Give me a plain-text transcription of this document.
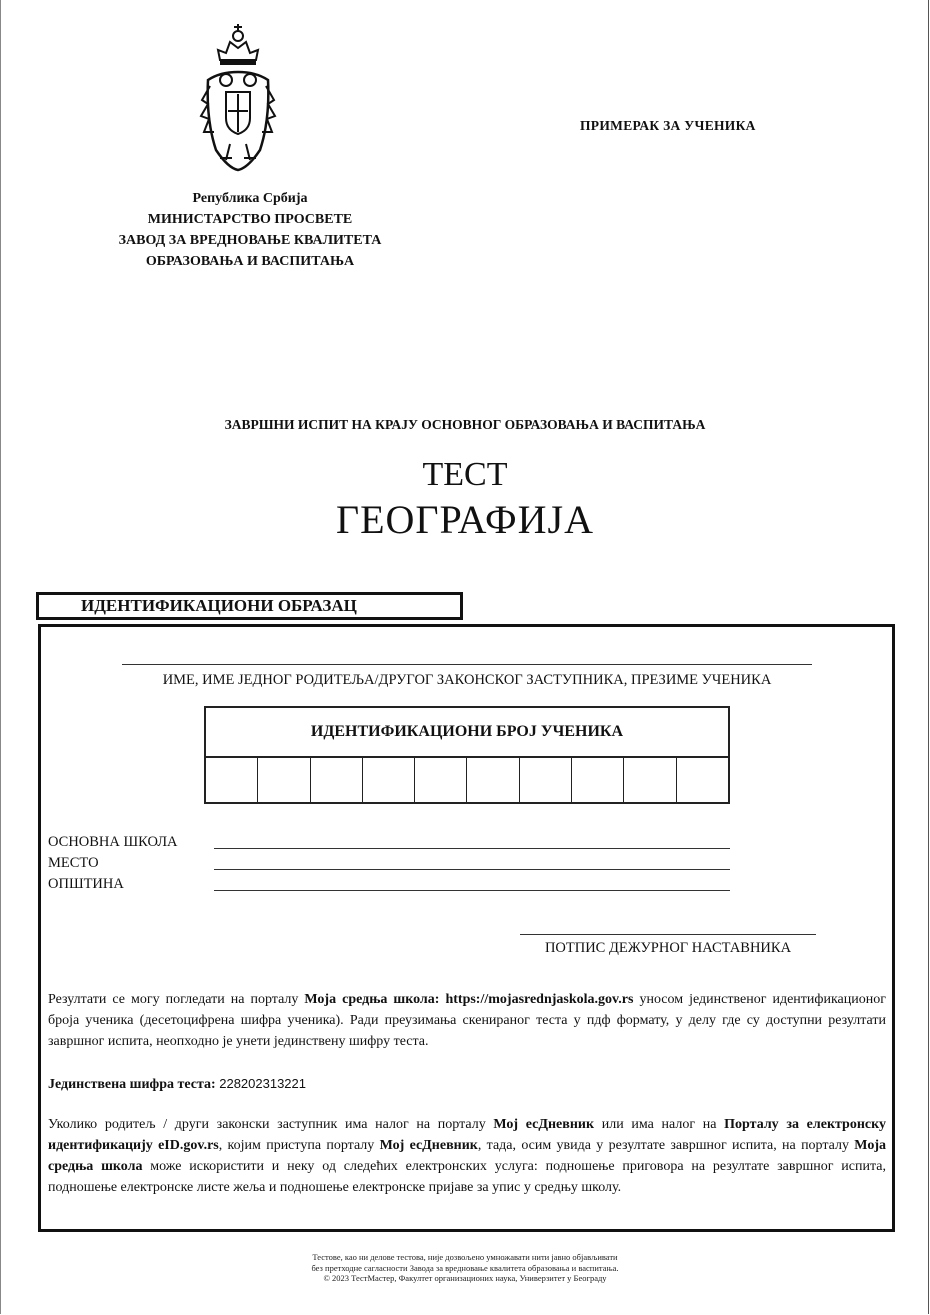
Република Србија
МИНИСТАРСТВО ПРОСВЕТЕ
ЗАВОД ЗА ВРЕДНОВАЊЕ КВАЛИТЕТА
ОБРАЗОВАЊА И ВАСПИТАЊА
ПРИМЕРАК ЗА УЧЕНИКА
ЗАВРШНИ ИСПИТ НА КРАЈУ ОСНОВНОГ ОБРАЗОВАЊА И ВАСПИТАЊА
ТЕСТ
ГЕОГРАФИЈА
ИДЕНТИФИКАЦИОНИ ОБРАЗАЦ
ИМЕ, ИМЕ ЈЕДНОГ РОДИТЕЉА/ДРУГОГ ЗАКОНСКОГ ЗАСТУПНИКА, ПРЕЗИМЕ УЧЕНИКА
ИДЕНТИФИКАЦИОНИ БРОЈ УЧЕНИКА
ОСНОВНА ШКОЛА
МЕСТО
ОПШТИНА
ПОТПИС ДЕЖУРНОГ НАСТАВНИКА
Резултати се могу погледати на порталу Моја средња школа: https://mojasrednjaskola.gov.rs уносом јединственог идентификационог броја ученика (десетоцифрена шифра ученика). Ради преузимања скенираног теста у пдф формату, у делу где су доступни резултати завршног испита, неопходно је унети јединствену шифру теста.
Јединствена шифра теста: 228202313221
Уколико родитељ / други законски заступник има налог на порталу Мој есДневник или има налог на Порталу за електронску идентификацију eID.gov.rs, којим приступа порталу Мој есДневник, тада, осим увида у резултате завршног испита, на порталу Моја средња школа може искористити и неку од следећих електронских услуга: подношење приговора на резултате завршног испита, подношење електронске листе жеља и подношење електронске пријаве за упис у средњу школу.
Тестове, као ни делове тестова, није дозвољено умножавати нити јавно објављивати
без претходне сагласности Завода за вредновање квалитета образовања и васпитања.
© 2023 ТестМастер, Факултет организационих наука, Универзитет у Београду
